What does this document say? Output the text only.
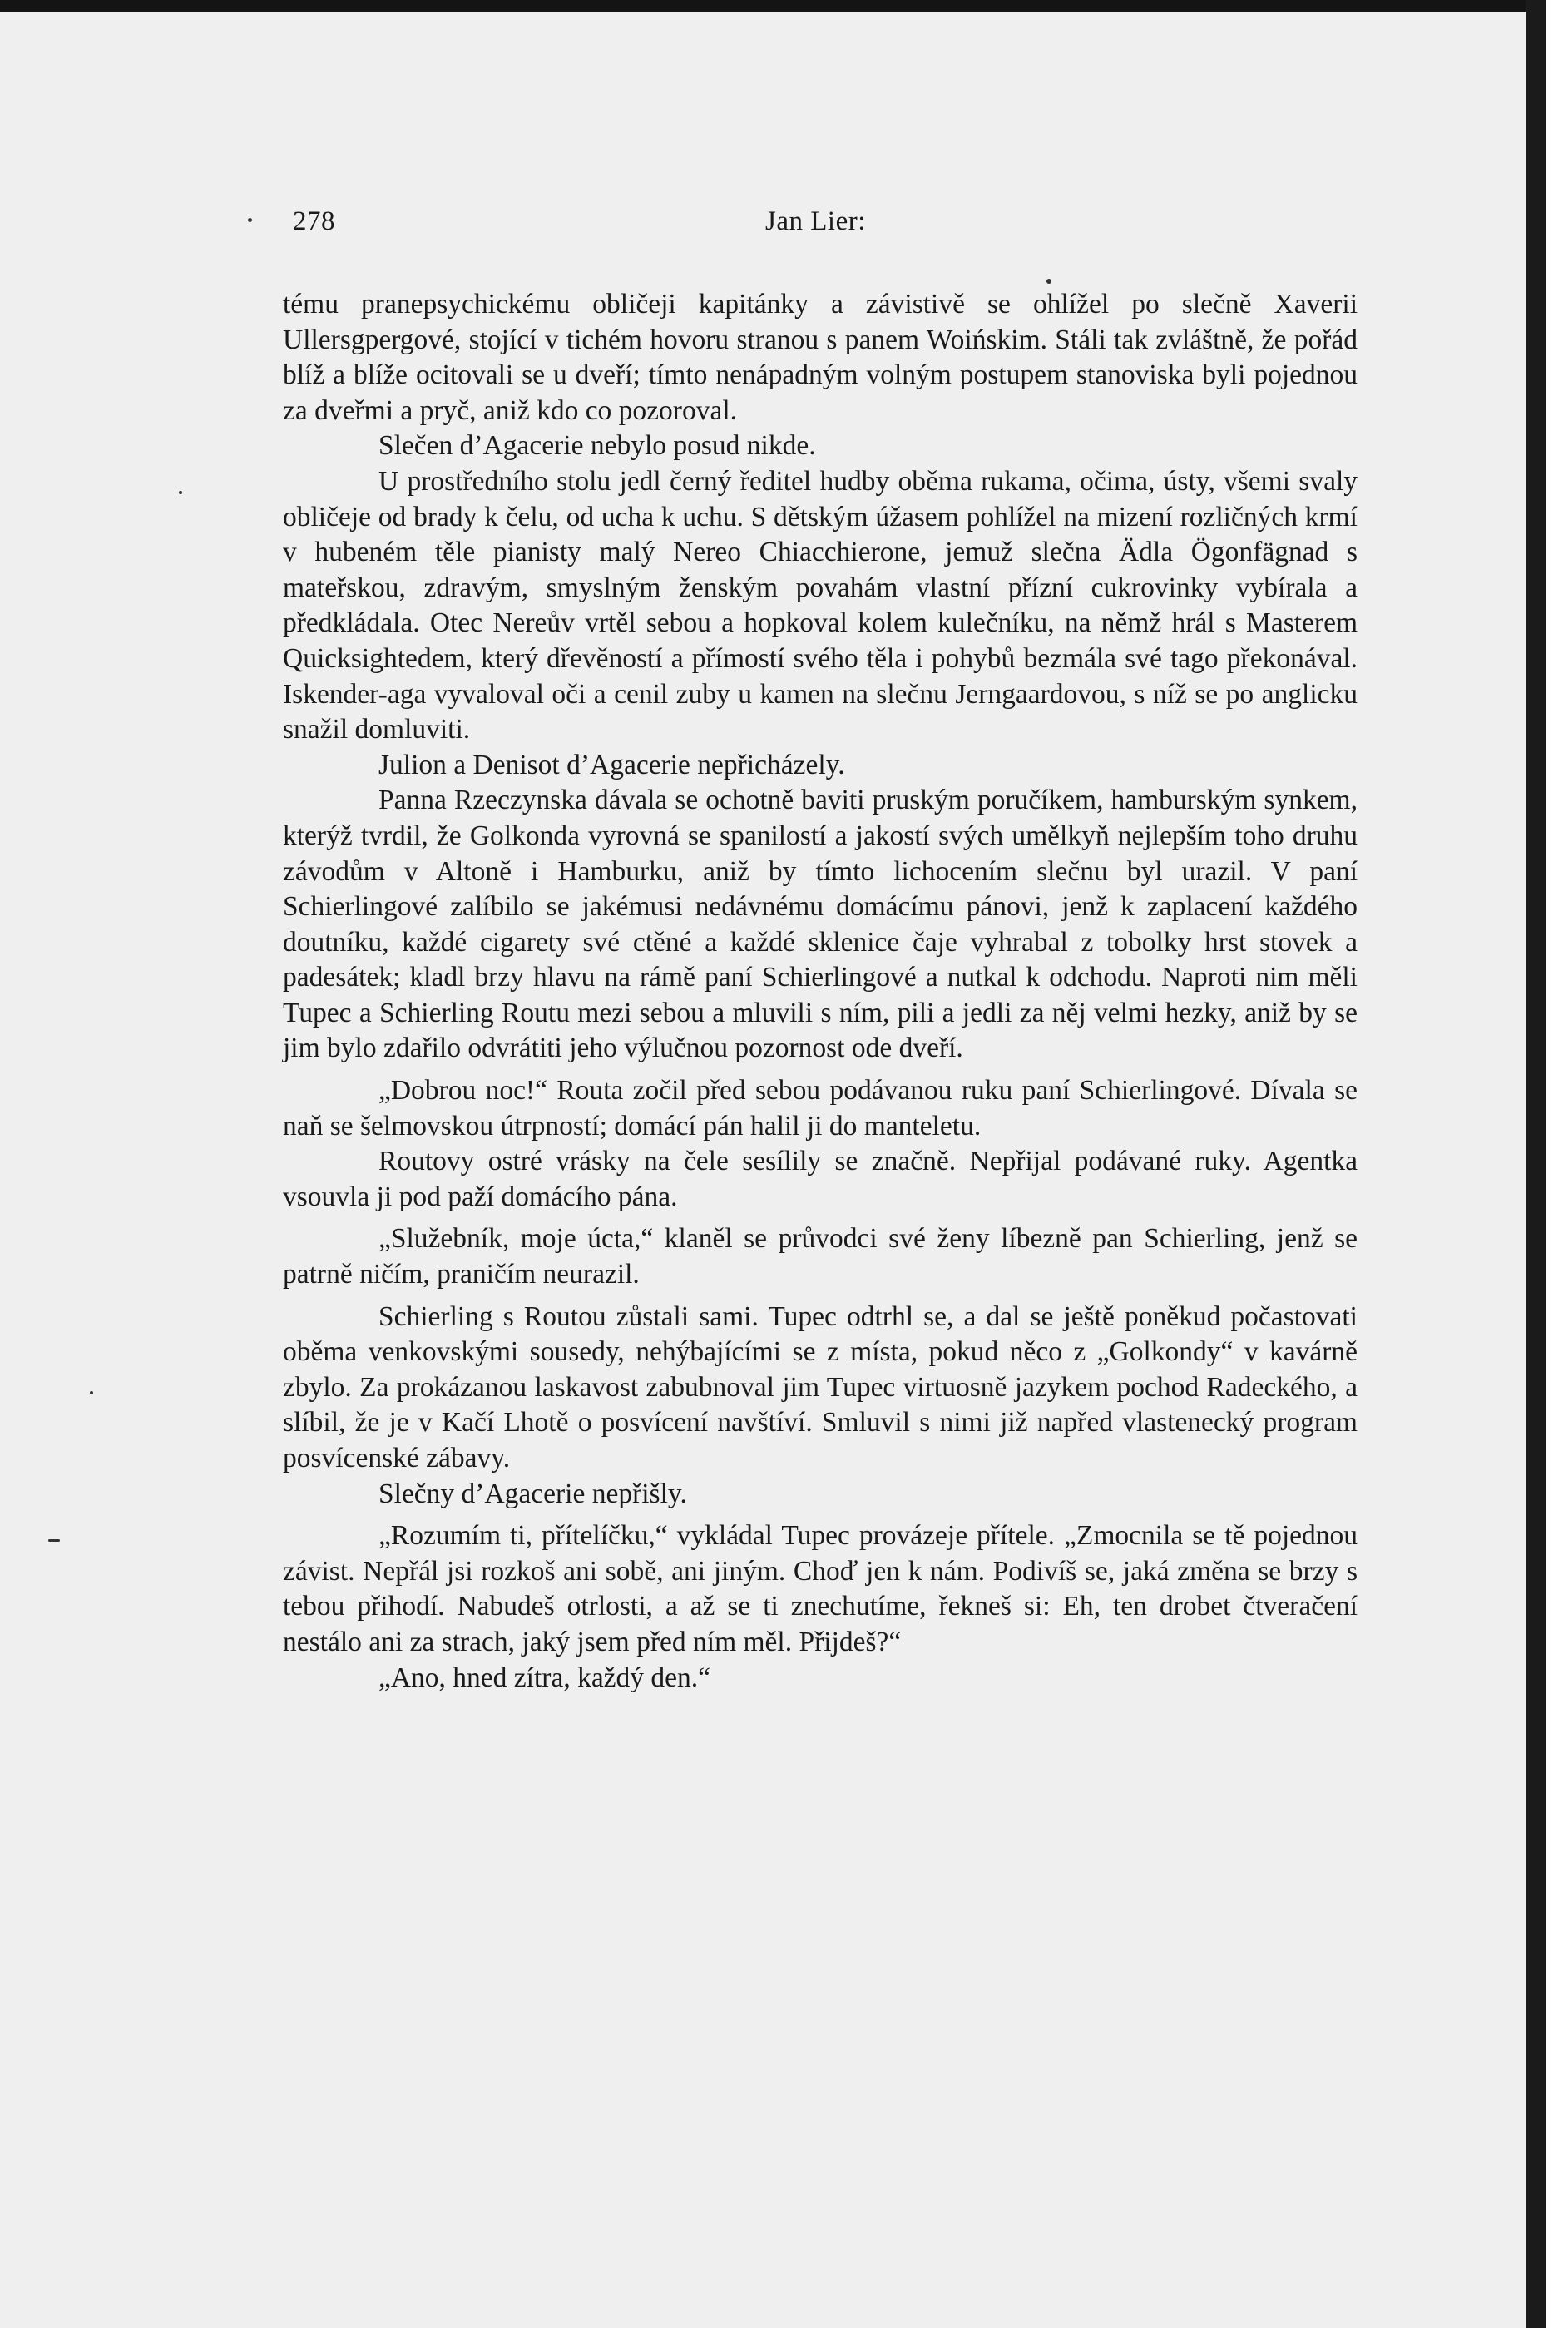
278	Jan Lier:

tému pranepsychickému obličeji kapitánky a závistivě se ohlížel po slečně Xaverii Ullersgpergové, stojící v tichém hovoru stranou s panem Woińskim. Stáli tak zvláštně, že pořád blíž a blíže ocitovali se u dveří; tímto nenápadným volným postupem stanoviska byli pojednou za dveřmi a pryč, aniž kdo co pozoroval.

Slečen d’Agacerie nebylo posud nikde.

U prostředního stolu jedl černý ředitel hudby oběma rukama, očima, ústy, všemi svaly obličeje od brady k čelu, od ucha k uchu. S dětským úžasem pohlížel na mizení rozličných krmí v hubeném těle pianisty malý Nereo Chiacchierone, jemuž slečna Ädla Ögonfägnad s mateřskou, zdravým, smyslným ženským povahám vlastní přízní cukrovinky vybírala a předkládala. Otec Nereův vrtěl sebou a hopkoval kolem kulečníku, na němž hrál s Masterem Quicksightedem, který dřevěností a přímostí svého těla i pohybů bezmála své tago překonával. Iskender-aga vyvaloval oči a cenil zuby u kamen na slečnu Jerngaardovou, s níž se po anglicku snažil domluviti.

Julion a Denisot d’Agacerie nepřicházely.

Panna Rzeczynska dávala se ochotně baviti pruským poručíkem, hamburským synkem, kterýž tvrdil, že Golkonda vyrovná se spanilostí a jakostí svých umělkyň nejlepším toho druhu závodům v Altoně i Hamburku, aniž by tímto lichocením slečnu byl urazil. V paní Schierlingové zalíbilo se jakémusi nedávnému domácímu pánovi, jenž k zaplacení každého doutníku, každé cigarety své ctěné a každé sklenice čaje vyhrabal z tobolky hrst stovek a padesátek; kladl brzy hlavu na rámě paní Schierlingové a nutkal k odchodu. Naproti nim měli Tupec a Schierling Routu mezi sebou a mluvili s ním, pili a jedli za něj velmi hezky, aniž by se jim bylo zdařilo odvrátiti jeho výlučnou pozornost ode dveří.

„Dobrou noc!“ Routa zočil před sebou podávanou ruku paní Schierlingové. Dívala se naň se šelmovskou útrpností; domácí pán halil ji do manteletu.

Routovy ostré vrásky na čele sesílily se značně. Nepřijal podávané ruky. Agentka vsouvla ji pod paží domácího pána.

„Služebník, moje úcta,“ klaněl se průvodci své ženy líbezně pan Schierling, jenž se patrně ničím, praničím neurazil.

Schierling s Routou zůstali sami. Tupec odtrhl se, a dal se ještě poněkud počastovati oběma venkovskými sousedy, nehýbajícími se z místa, pokud něco z „Golkondy“ v kavárně zbylo. Za prokázanou laskavost zabubnoval jim Tupec virtuosně jazykem pochod Radeckého, a slíbil, že je v Kačí Lhotě o posvícení navštíví. Smluvil s nimi již napřed vlastenecký program posvícenské zábavy.

Slečny d’Agacerie nepřišly.

„Rozumím ti, přítelíčku,“ vykládal Tupec provázeje přítele. „Zmocnila se tě pojednou závist. Nepřál jsi rozkoš ani sobě, ani jiným. Choď jen k nám. Podivíš se, jaká změna se brzy s tebou přihodí. Nabudeš otrlosti, a až se ti znechutíme, řekneš si: Eh, ten drobet čtveračení nestálo ani za strach, jaký jsem před ním měl. Přijdeš?“

„Ano, hned zítra, každý den.“
